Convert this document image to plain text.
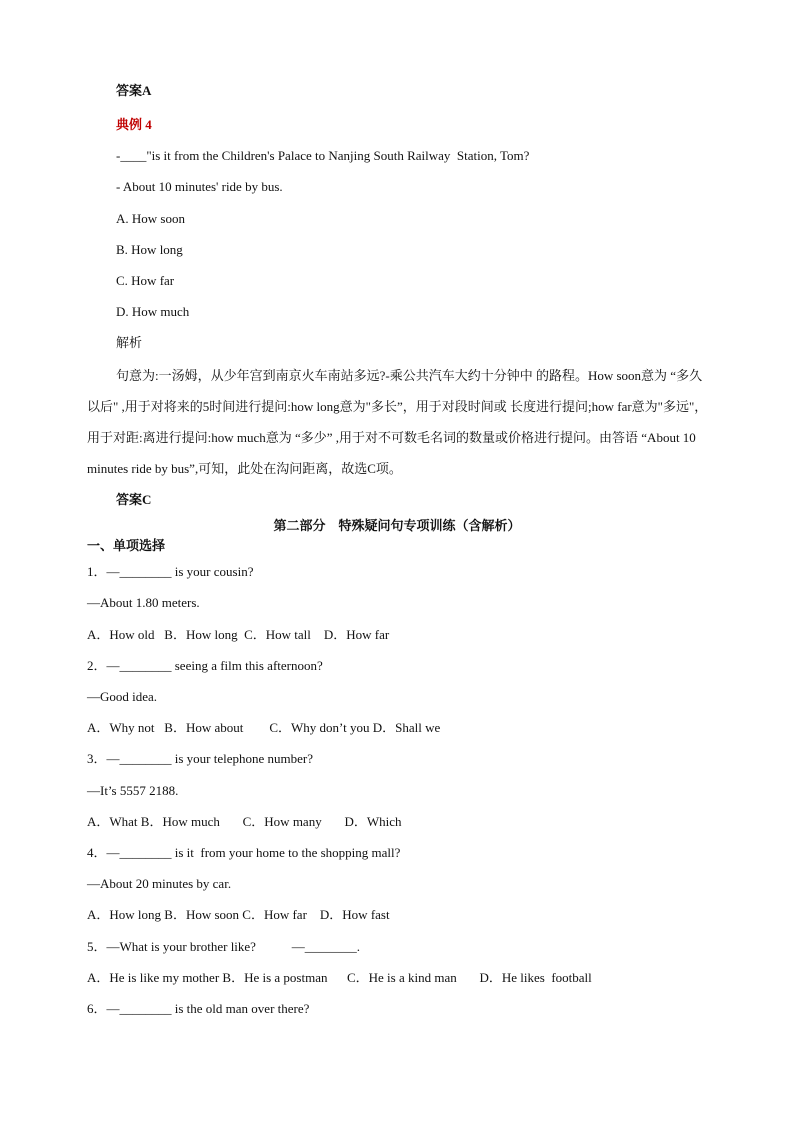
答案A
典例 4
-____"is it from the Children's Palace to Nanjing South Railway  Station, Tom?
- About 10 minutes' ride by bus.
A. How soon
B. How long
C. How far
D. How much
解析
句意为:一汤姆，从少年宫到南京火车南站多远?-乘公共汽车大约十分钟中 的路程。How soon意为 “多久以后" ,用于对将来的5时间进行提问:how long意为"多长”，用于对段时间或 长度进行提问;how far意为"多远"，用于对距:离进行提问:how much意为 “多少” ,用于对不可数毛名词的数量或价格进行提问。由答语 “About 10 minutes ride by bus”,可知，此处在沟问距离，故选C项。
答案C
第二部分　特殊疑问句专项训练（含解析）
一、单项选择
1．—________ is your cousin?
—About 1.80 meters.
A．How old   B．How long  C．How tall    D．How far
2．—________ seeing a film this afternoon?
—Good idea.
A．Why not   B．How about        C．Why don’t you D．Shall we
3．—________ is your telephone number?
—It’s 5557 2188.
A．What B．How much       C．How many       D．Which
4．—________ is it  from your home to the shopping mall?
—About 20 minutes by car.
A．How long B．How soon C．How far    D．How fast
5．—What is your brother like?           —________.
A．He is like my mother B．He is a postman      C．He is a kind man       D．He likes  football
6．—________ is the old man over there?
